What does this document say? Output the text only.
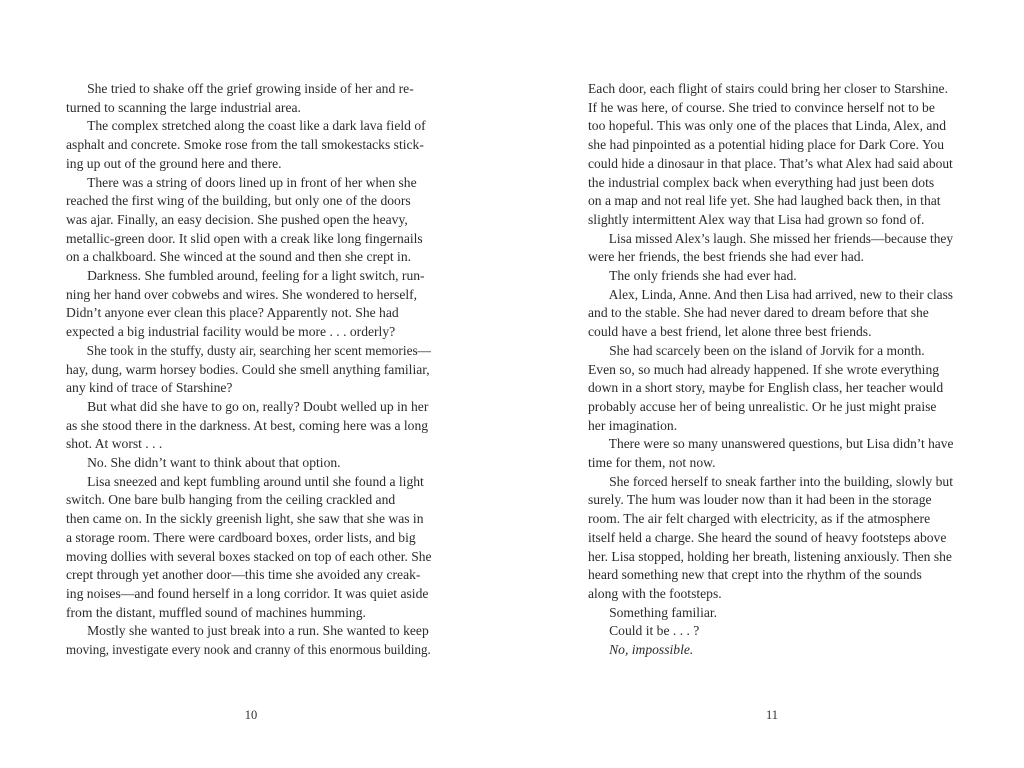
She tried to shake off the grief growing inside of her and re-

turned to scanning the large industrial area.

The complex stretched along the coast like a dark lava field of

asphalt and concrete. Smoke rose from the tall smokestacks stick-

ing up out of the ground here and there.

There was a string of doors lined up in front of her when she

reached the first wing of the building, but only one of the doors

was ajar. Finally, an easy decision. She pushed open the heavy,

metallic-green door. It slid open with a creak like long fingernails

on a chalkboard. She winced at the sound and then she crept in.

Darkness. She fumbled around, feeling for a light switch, run-

ning her hand over cobwebs and wires. She wondered to herself,

Didn’t anyone ever clean this place? Apparently not. She had

expected a big industrial facility would be more . . . orderly?

She took in the stuffy, dusty air, searching her scent memories—

hay, dung, warm horsey bodies. Could she smell anything familiar,

any kind of trace of Starshine?

But what did she have to go on, really? Doubt welled up in her

as she stood there in the darkness. At best, coming here was a long

shot. At worst . . .

No. She didn’t want to think about that option.

Lisa sneezed and kept fumbling around until she found a light

switch. One bare bulb hanging from the ceiling crackled and

then came on. In the sickly greenish light, she saw that she was in

a storage room. There were cardboard boxes, order lists, and big

moving dollies with several boxes stacked on top of each other. She

crept through yet another door—this time she avoided any creak-

ing noises—and found herself in a long corridor. It was quiet aside

from the distant, muffled sound of machines humming.

Mostly she wanted to just break into a run. She wanted to keep

moving, investigate every nook and cranny of this enormous building.

Each door, each flight of stairs could bring her closer to Starshine.

If he was here, of course. She tried to convince herself not to be

too hopeful. This was only one of the places that Linda, Alex, and

she had pinpointed as a potential hiding place for Dark Core. You

could hide a dinosaur in that place. That’s what Alex had said about

the industrial complex back when everything had just been dots

on a map and not real life yet. She had laughed back then, in that

slightly intermittent Alex way that Lisa had grown so fond of.

Lisa missed Alex’s laugh. She missed her friends—because they

were her friends, the best friends she had ever had.

The only friends she had ever had.

Alex, Linda, Anne. And then Lisa had arrived, new to their class

and to the stable. She had never dared to dream before that she

could have a best friend, let alone three best friends.

She had scarcely been on the island of Jorvik for a month.

Even so, so much had already happened. If she wrote everything

down in a short story, maybe for English class, her teacher would

probably accuse her of being unrealistic. Or he just might praise

her imagination.

There were so many unanswered questions, but Lisa didn’t have

time for them, not now.

She forced herself to sneak farther into the building, slowly but

surely. The hum was louder now than it had been in the storage

room. The air felt charged with electricity, as if the atmosphere

itself held a charge. She heard the sound of heavy footsteps above

her. Lisa stopped, holding her breath, listening anxiously. Then she

heard something new that crept into the rhythm of the sounds

along with the footsteps.

Something familiar.

Could it be . . . ?

No, impossible.

10	11
